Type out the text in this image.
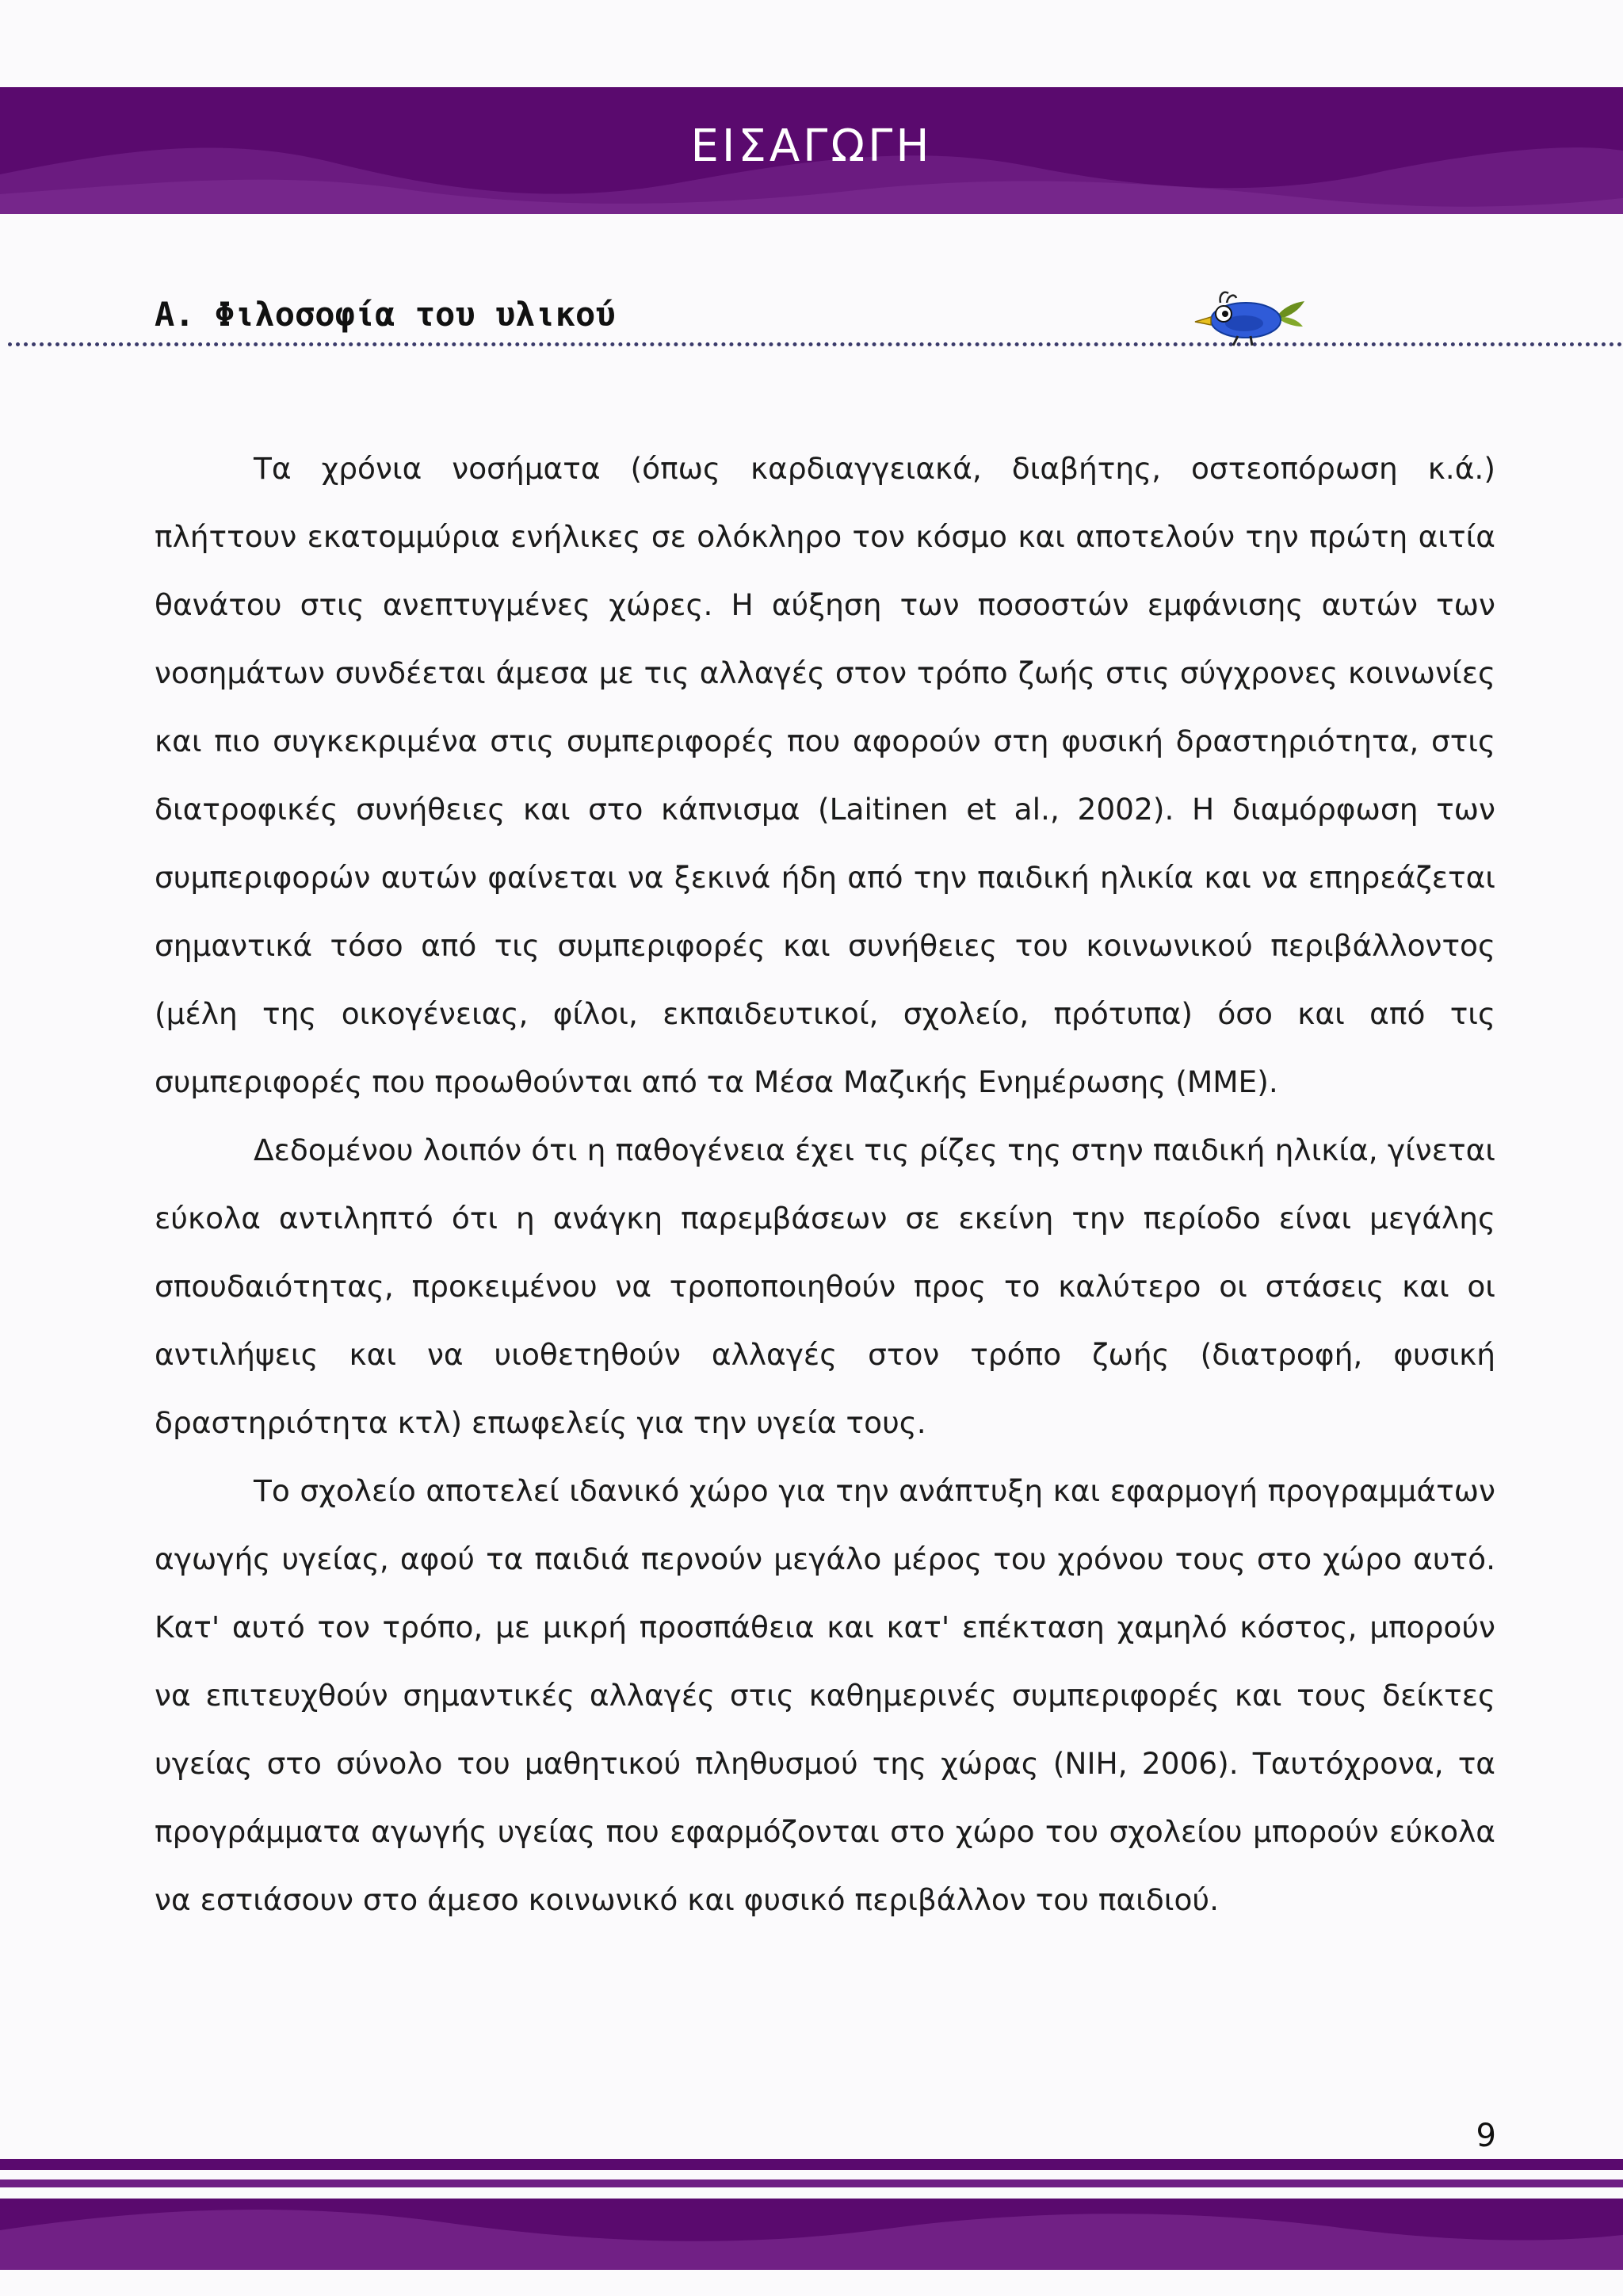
ΕΙΣΑΓΩΓΗ
Α. Φιλοσοφία του υλικού

Τα χρόνια νοσήματα (όπως καρδιαγγειακά, διαβήτης, οστεοπόρωση κ.ά.) πλήττουν εκατομμύρια ενήλικες σε ολόκληρο τον κόσμο και αποτελούν την πρώτη αιτία θανάτου στις ανεπτυγμένες χώρες. Η αύξηση των ποσοστών εμφάνισης αυτών των νοσημάτων συνδέεται άμεσα με τις αλλαγές στον τρόπο ζωής στις σύγχρονες κοινωνίες και πιο συγκεκριμένα στις συμπεριφορές που αφορούν στη φυσική δραστηριότητα, στις διατροφικές συνήθειες και στο κάπνισμα (Laitinen et al., 2002). Η διαμόρφωση των συμπεριφορών αυτών φαίνεται να ξεκινά ήδη από την παιδική ηλικία και να επηρεάζεται σημαντικά τόσο από τις συμπεριφορές και συνήθειες του κοινωνικού περιβάλλοντος (μέλη της οικογένειας, φίλοι, εκπαιδευτικοί, σχολείο, πρότυπα) όσο και από τις συμπεριφορές που προωθούνται από τα Μέσα Μαζικής Ενημέρωσης (ΜΜΕ).

Δεδομένου λοιπόν ότι η παθογένεια έχει τις ρίζες της στην παιδική ηλικία, γίνεται εύκολα αντιληπτό ότι η ανάγκη παρεμβάσεων σε εκείνη την περίοδο είναι μεγάλης σπουδαιότητας, προκειμένου να τροποποιηθούν προς το καλύτερο οι στάσεις και οι αντιλήψεις και να υιοθετηθούν αλλαγές στον τρόπο ζωής (διατροφή, φυσική δραστηριότητα κτλ) επωφελείς για την υγεία τους.

Το σχολείο αποτελεί ιδανικό χώρο για την ανάπτυξη και εφαρμογή προγραμμάτων αγωγής υγείας, αφού τα παιδιά περνούν μεγάλο μέρος του χρόνου τους στο χώρο αυτό. Κατ' αυτό τον τρόπο, με μικρή προσπάθεια και κατ' επέκταση χαμηλό κόστος, μπορούν να επιτευχθούν σημαντικές αλλαγές στις καθημερινές συμπεριφορές και τους δείκτες υγείας στο σύνολο του μαθητικού πληθυσμού της χώρας (NIH, 2006). Ταυτόχρονα, τα προγράμματα αγωγής υγείας που εφαρμόζονται στο χώρο του σχολείου μπορούν εύκολα να εστιάσουν στο άμεσο κοινωνικό και φυσικό περιβάλλον του παιδιού.

9
